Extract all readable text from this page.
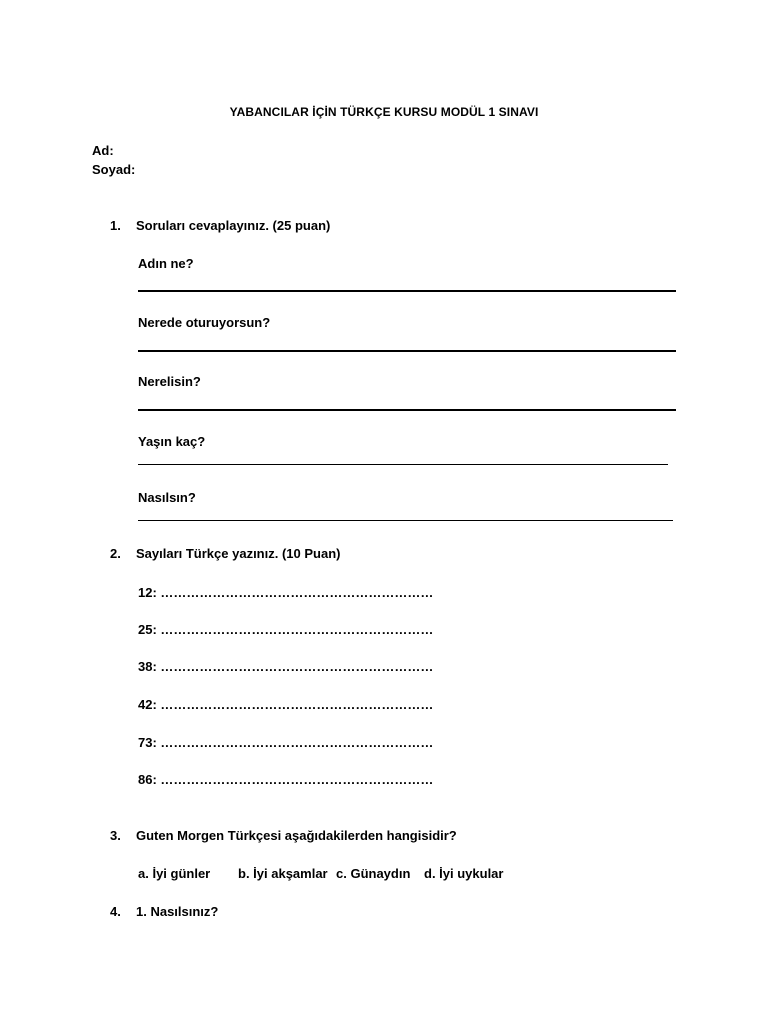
YABANCILAR İÇİN TÜRKÇE KURSU MODÜL 1 SINAVI
Ad:
Soyad:
1. Soruları cevaplayınız. (25 puan)
Adın ne?
Nerede oturuyorsun?
Nerelisin?
Yaşın kaç?
Nasılsın?
2. Sayıları Türkçe yazınız. (10 Puan)
12: ………………………………………………………
25: ………………………………………………………
38: ………………………………………………………
42: ………………………………………………………
73: ………………………………………………………
86: ………………………………………………………
3. Guten Morgen Türkçesi aşağıdakilerden hangisidir?
a. İyi günler b. İyi akşamlar c. Günaydın d. İyi uykular
4. 1. Nasılsınız?
